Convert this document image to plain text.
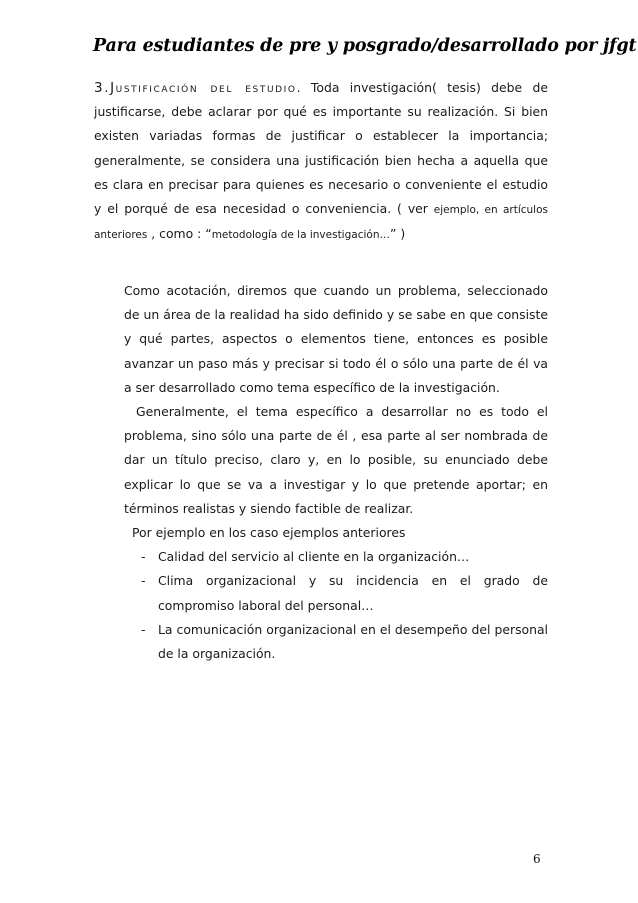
Para estudiantes de pre y posgrado/desarrollado por jfgt
3.Justificación del estudio. Toda investigación( tesis) debe de justificarse, debe aclarar por qué es importante su realización. Si bien existen variadas formas de justificar o establecer la importancia; generalmente, se considera una justificación bien hecha a aquella que es clara en precisar para quienes es necesario o conveniente el estudio y el porqué de esa necesidad o conveniencia. ( ver ejemplo, en artículos anteriores , como : “metodología de la investigación…” )

Como acotación, diremos que cuando un problema, seleccionado de un área de la realidad ha sido definido y se sabe en que consiste y qué partes, aspectos o elementos tiene, entonces es posible avanzar un paso más y precisar si todo él o sólo una parte de él va a ser desarrollado como tema específico de la investigación.

Generalmente, el tema específico a desarrollar no es todo el problema, sino sólo una parte de él , esa parte al ser nombrada de dar un título preciso, claro y, en lo posible, su enunciado debe explicar lo que se va a investigar y lo que pretende aportar; en términos realistas y siendo factible de realizar.

Por ejemplo en los caso ejemplos anteriores

- Calidad del servicio al cliente en la organización…
- Clima organizacional y su incidencia en el grado de compromiso laboral del personal…
- La comunicación organizacional en el desempeño del personal de la organización.
6
